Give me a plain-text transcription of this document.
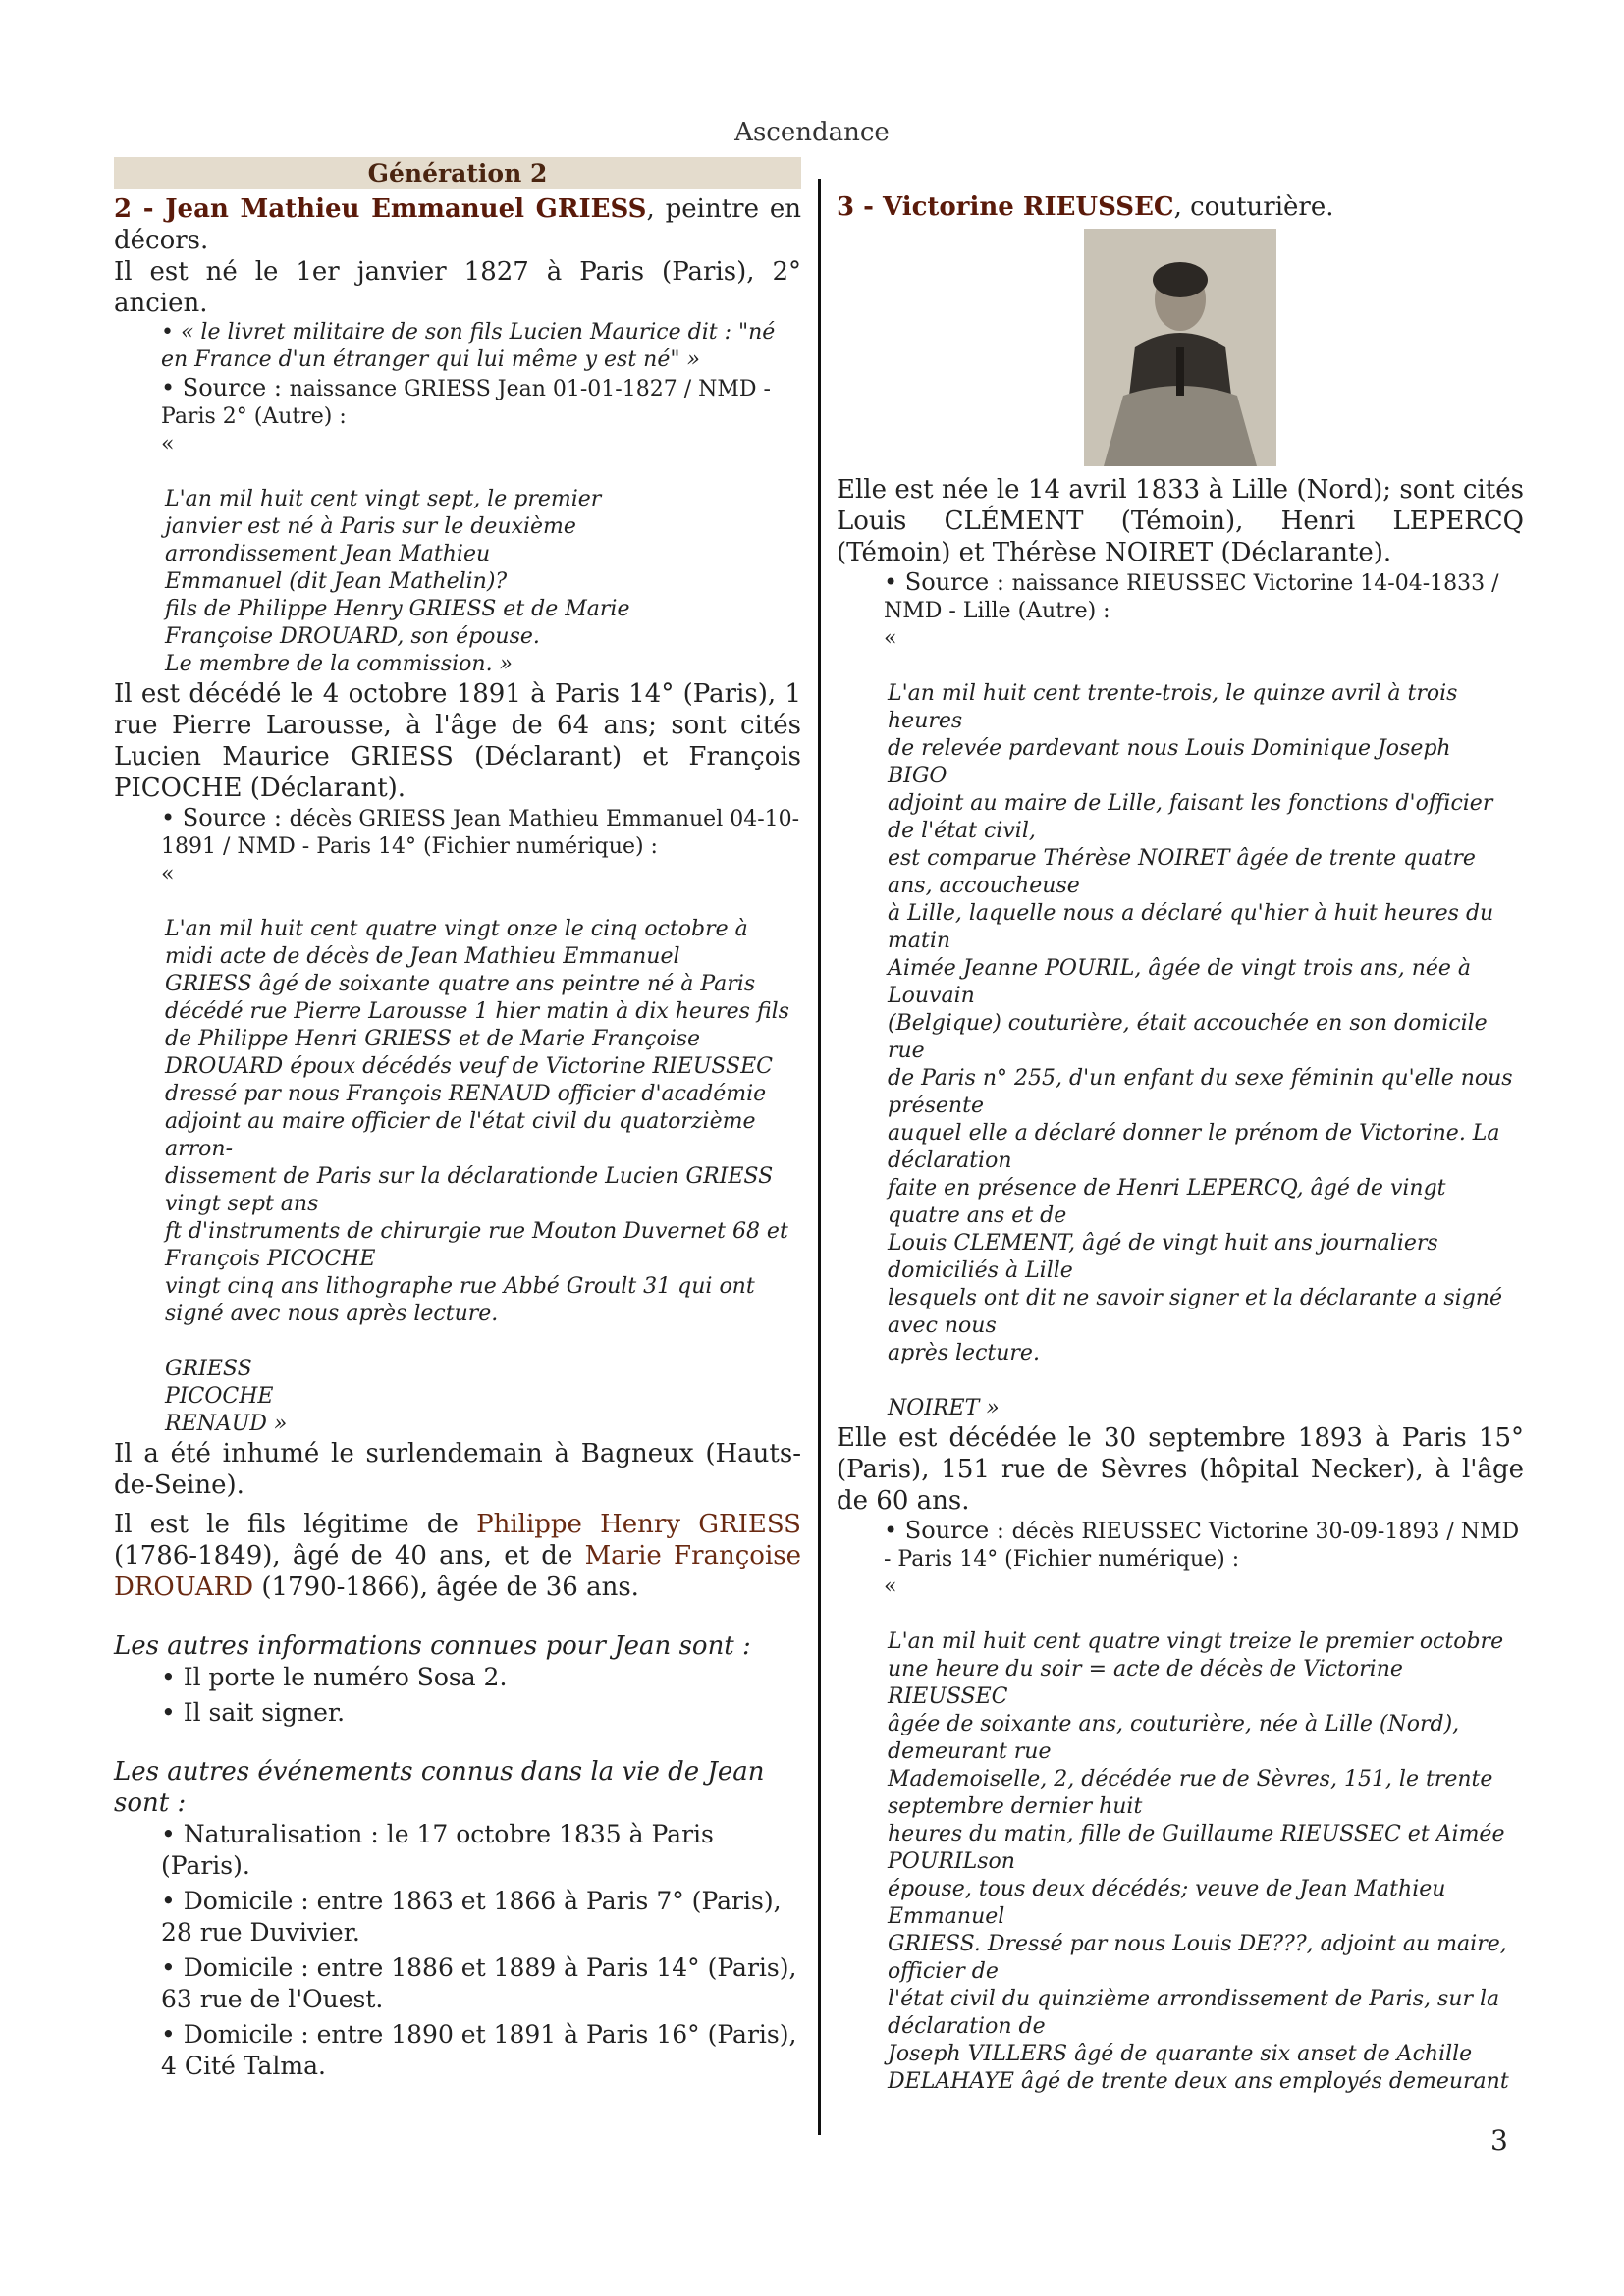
Ascendance
Génération 2

2 - Jean Mathieu Emmanuel GRIESS, peintre en décors.

Il est né le 1er janvier 1827 à Paris (Paris), 2° ancien.

• « le livret militaire de son fils Lucien Maurice dit : "né en France d'un étranger qui lui même y est né" »

• Source : naissance GRIESS Jean 01-01-1827 / NMD - Paris 2° (Autre) :

«

L'an mil huit cent vingt sept, le premier
janvier est né à Paris sur le deuxième
arrondissement Jean Mathieu
Emmanuel (dit Jean Mathelin)?
fils de Philippe Henry GRIESS et de Marie
Françoise DROUARD, son épouse.
Le membre de la commission. »

Il est décédé le 4 octobre 1891 à Paris 14° (Paris), 1 rue Pierre Larousse, à l'âge de 64 ans; sont cités Lucien Maurice GRIESS (Déclarant) et François PICOCHE (Déclarant).

• Source : décès GRIESS Jean Mathieu Emmanuel 04-10-1891 / NMD - Paris 14° (Fichier numérique) :

«

L'an mil huit cent quatre vingt onze le cinq octobre à
midi acte de décès de Jean Mathieu Emmanuel
GRIESS âgé de soixante quatre ans peintre né à Paris
décédé rue Pierre Larousse 1 hier matin à dix heures fils
de Philippe Henri GRIESS et de Marie Françoise
DROUARD époux décédés veuf de Victorine RIEUSSEC
dressé par nous François RENAUD officier d'académie
adjoint au maire officier de l'état civil du quatorzième
arron-
dissement de Paris sur la déclarationde Lucien GRIESS
vingt sept ans
ft d'instruments de chirurgie rue Mouton Duvernet 68 et
François PICOCHE
vingt cinq ans lithographe rue Abbé Groult 31 qui ont
signé avec nous après lecture.

GRIESS
PICOCHE
RENAUD »

Il a été inhumé le surlendemain à Bagneux (Hauts-de-Seine).

Il est le fils légitime de Philippe Henry GRIESS (1786-1849), âgé de 40 ans, et de Marie Françoise DROUARD (1790-1866), âgée de 36 ans.

Les autres informations connues pour Jean sont :

• Il porte le numéro Sosa 2.

• Il sait signer.

Les autres événements connus dans la vie de Jean sont :

• Naturalisation : le 17 octobre 1835 à Paris (Paris).

• Domicile : entre 1863 et 1866 à Paris 7° (Paris), 28 rue Duvivier.

• Domicile : entre 1886 et 1889 à Paris 14° (Paris), 63 rue de l'Ouest.

• Domicile : entre 1890 et 1891 à Paris 16° (Paris), 4 Cité Talma.

3 - Victorine RIEUSSEC, couturière.

Elle est née le 14 avril 1833 à Lille (Nord); sont cités Louis CLÉMENT (Témoin), Henri LEPERCQ (Témoin) et Thérèse NOIRET (Déclarante).

• Source : naissance RIEUSSEC Victorine 14-04-1833 / NMD - Lille (Autre) :

«

L'an mil huit cent trente-trois, le quinze avril à trois
heures
de relevée pardevant nous Louis Dominique Joseph
BIGO
adjoint au maire de Lille, faisant les fonctions d'officier
de l'état civil,
est comparue Thérèse NOIRET âgée de trente quatre
ans, accoucheuse
à Lille, laquelle nous a déclaré qu'hier à huit heures du
matin
Aimée Jeanne POURIL, âgée de vingt trois ans, née à
Louvain
(Belgique) couturière, était accouchée en son domicile
rue
de Paris n° 255, d'un enfant du sexe féminin qu'elle nous
présente
auquel elle a déclaré donner le prénom de Victorine. La
déclaration
faite en présence de Henri LEPERCQ, âgé de vingt
quatre ans et de
Louis CLEMENT, âgé de vingt huit ans journaliers
domiciliés à Lille
lesquels ont dit ne savoir signer et la déclarante a signé
avec nous
après lecture.

NOIRET »

Elle est décédée le 30 septembre 1893 à Paris 15° (Paris), 151 rue de Sèvres (hôpital Necker), à l'âge de 60 ans.

• Source : décès RIEUSSEC Victorine 30-09-1893 / NMD - Paris 14° (Fichier numérique) :

«

L'an mil huit cent quatre vingt treize le premier octobre
une heure du soir = acte de décès de Victorine RIEUSSEC
âgée de soixante ans, couturière, née à Lille (Nord),
demeurant rue
Mademoiselle, 2, décédée rue de Sèvres, 151, le trente
septembre dernier huit
heures du matin, fille de Guillaume RIEUSSEC et Aimée
POURILson
épouse, tous deux décédés; veuve de Jean Mathieu
Emmanuel
GRIESS. Dressé par nous Louis DE???, adjoint au maire,
officier de
l'état civil du quinzième arrondissement de Paris, sur la
déclaration de
Joseph VILLERS âgé de quarante six anset de Achille
DELAHAYE âgé de trente deux ans employés demeurant

3
